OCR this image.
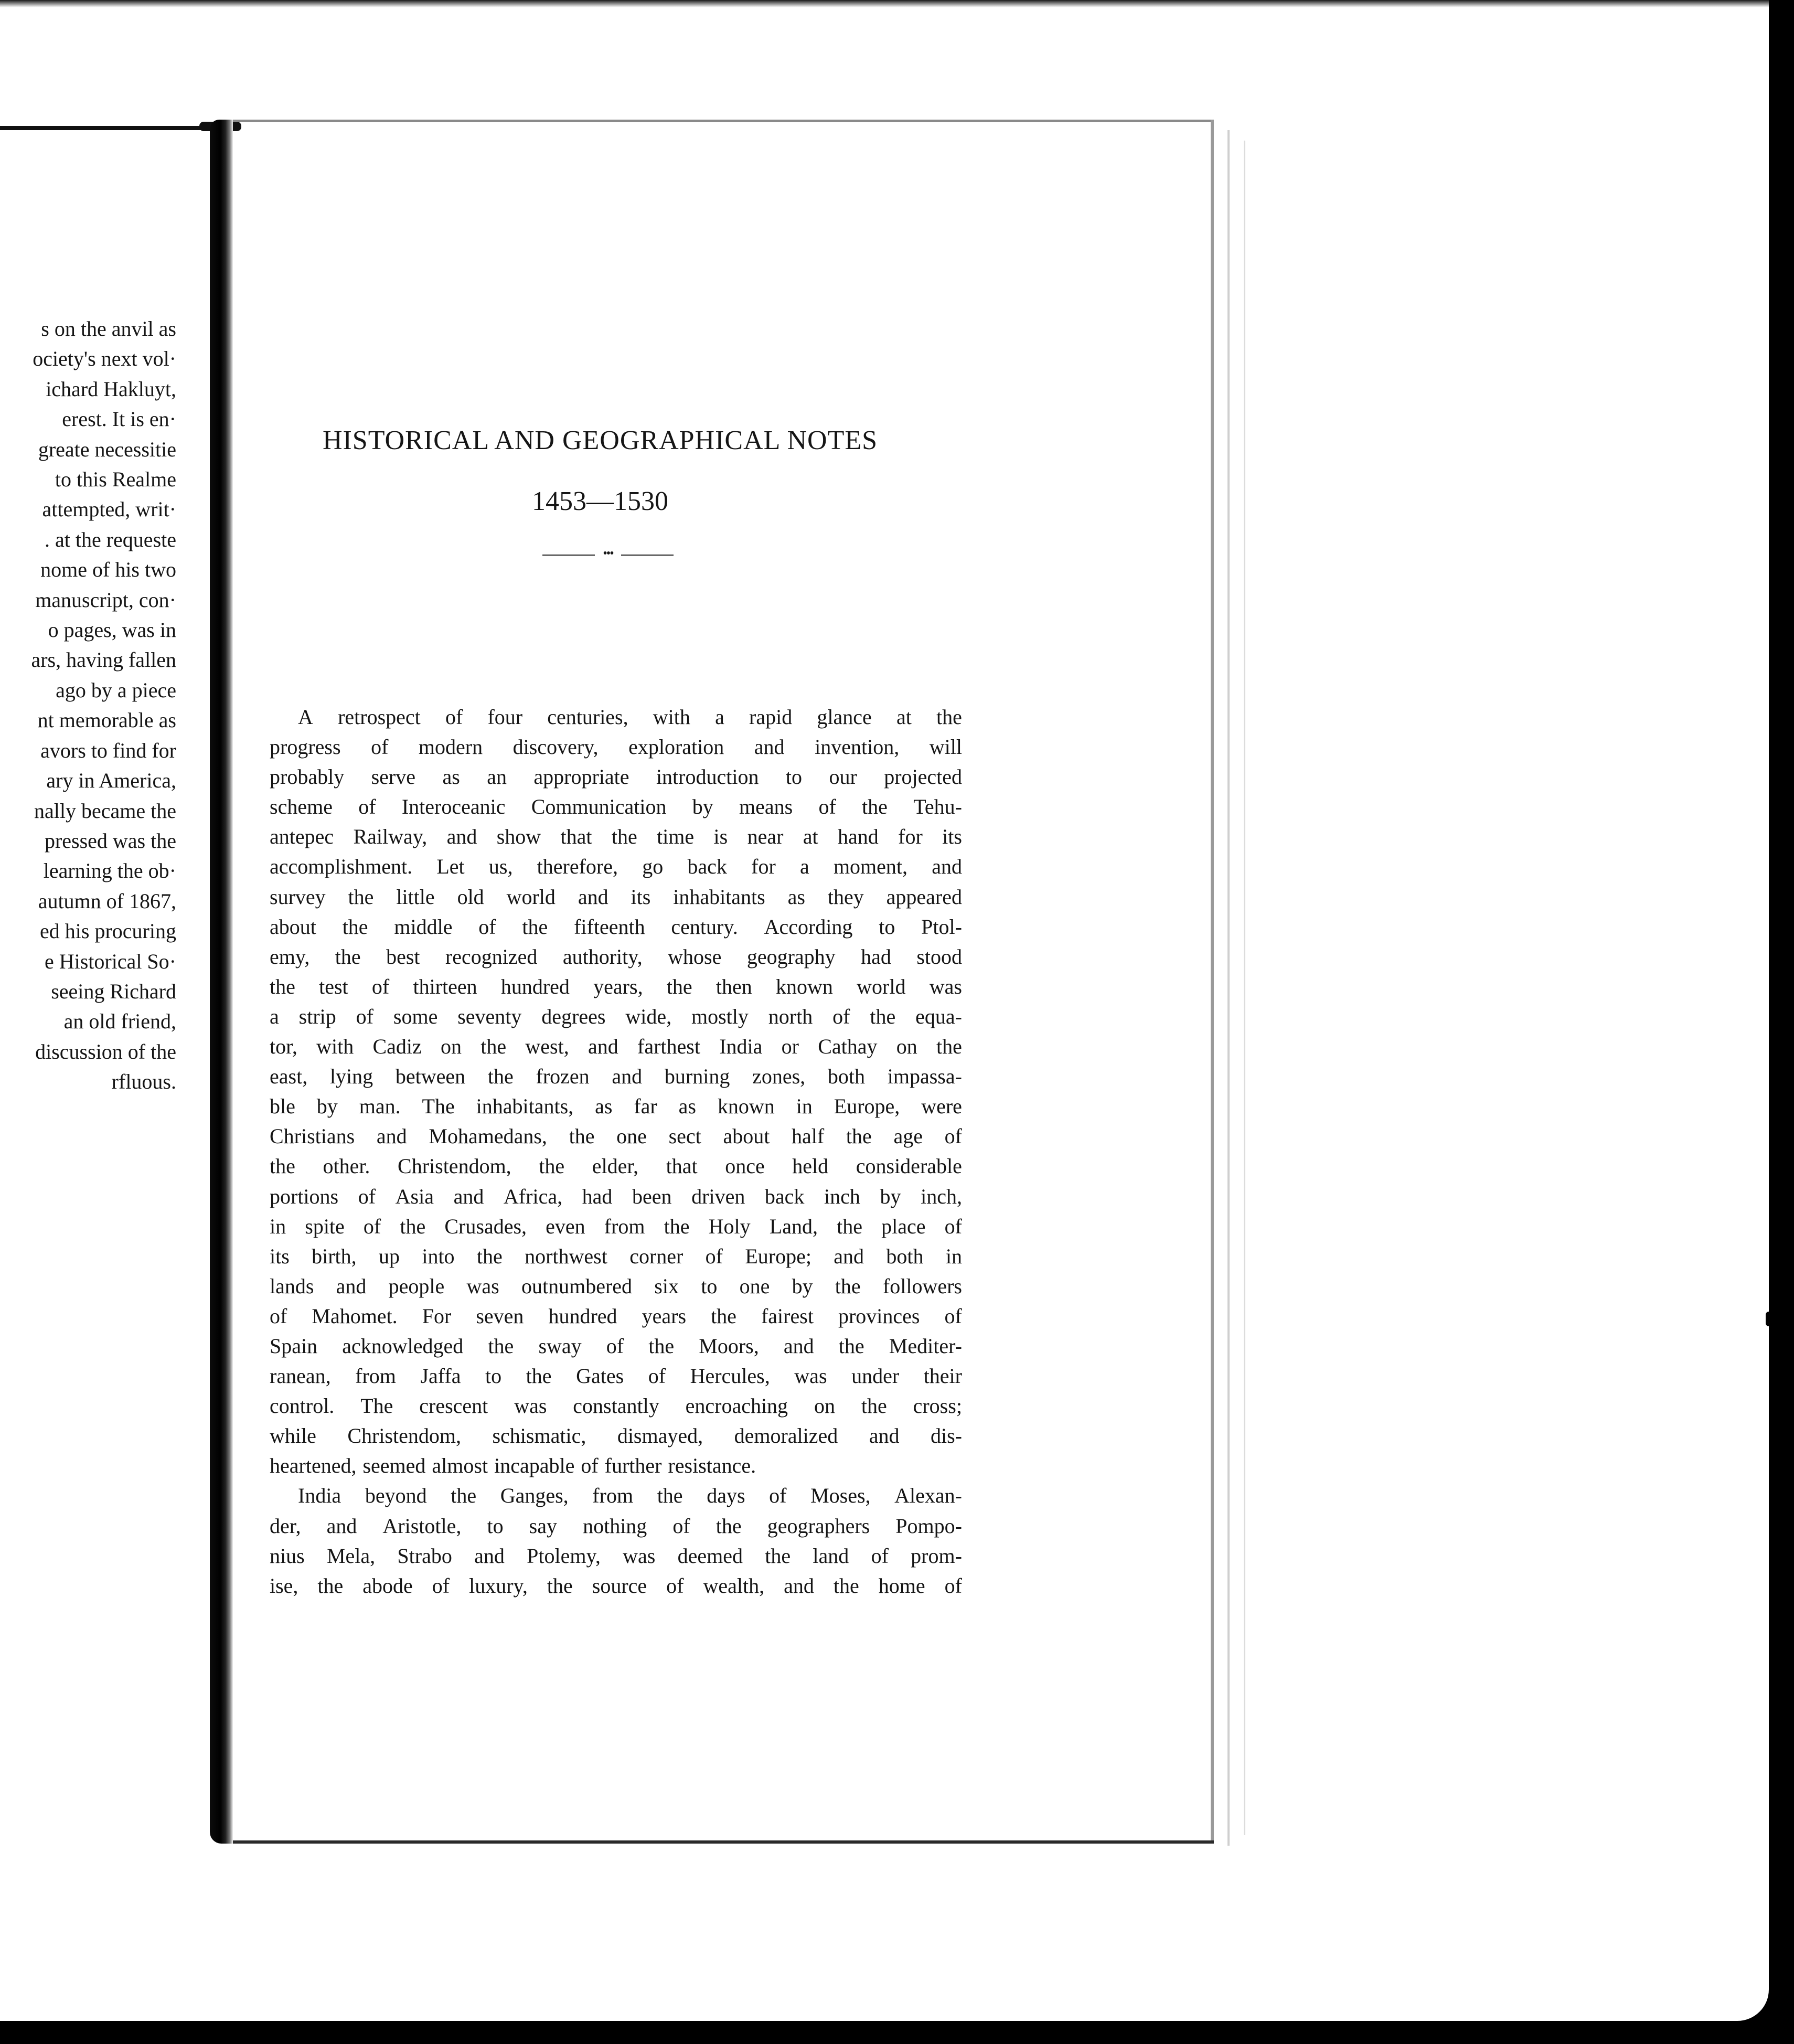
s on the anvil as
ociety's next vol·
ichard Hakluyt,
erest. It is en·
greate necessitie
to this Realme
attempted, writ·
. at the requeste
nome of his two
manuscript, con·
o pages, was in
ars, having fallen
ago by a piece
nt memorable as
avors to find for
ary in America,
nally became the
pressed was the
learning the ob·
autumn of 1867,
ed his procuring
e Historical So·
seeing Richard
an old friend,
discussion of the
rfluous.
HISTORICAL AND GEOGRAPHICAL NOTES
1453—1530
•••
A retrospect of four centuries, with a rapid glance at the
progress of modern discovery, exploration and invention, will
probably serve as an appropriate introduction to our projected
scheme of Interoceanic Communication by means of the Tehu-
antepec Railway, and show that the time is near at hand for its
accomplishment. Let us, therefore, go back for a moment, and
survey the little old world and its inhabitants as they appeared
about the middle of the fifteenth century. According to Ptol-
emy, the best recognized authority, whose geography had stood
the test of thirteen hundred years, the then known world was
a strip of some seventy degrees wide, mostly north of the equa-
tor, with Cadiz on the west, and farthest India or Cathay on the
east, lying between the frozen and burning zones, both impassa-
ble by man. The inhabitants, as far as known in Europe, were
Christians and Mohamedans, the one sect about half the age of
the other. Christendom, the elder, that once held considerable
portions of Asia and Africa, had been driven back inch by inch,
in spite of the Crusades, even from the Holy Land, the place of
its birth, up into the northwest corner of Europe; and both in
lands and people was outnumbered six to one by the followers
of Mahomet. For seven hundred years the fairest provinces of
Spain acknowledged the sway of the Moors, and the Mediter-
ranean, from Jaffa to the Gates of Hercules, was under their
control. The crescent was constantly encroaching on the cross;
while Christendom, schismatic, dismayed, demoralized and dis-
heartened, seemed almost incapable of further resistance.
India beyond the Ganges, from the days of Moses, Alexan-
der, and Aristotle, to say nothing of the geographers Pompo-
nius Mela, Strabo and Ptolemy, was deemed the land of prom-
ise, the abode of luxury, the source of wealth, and the home of
